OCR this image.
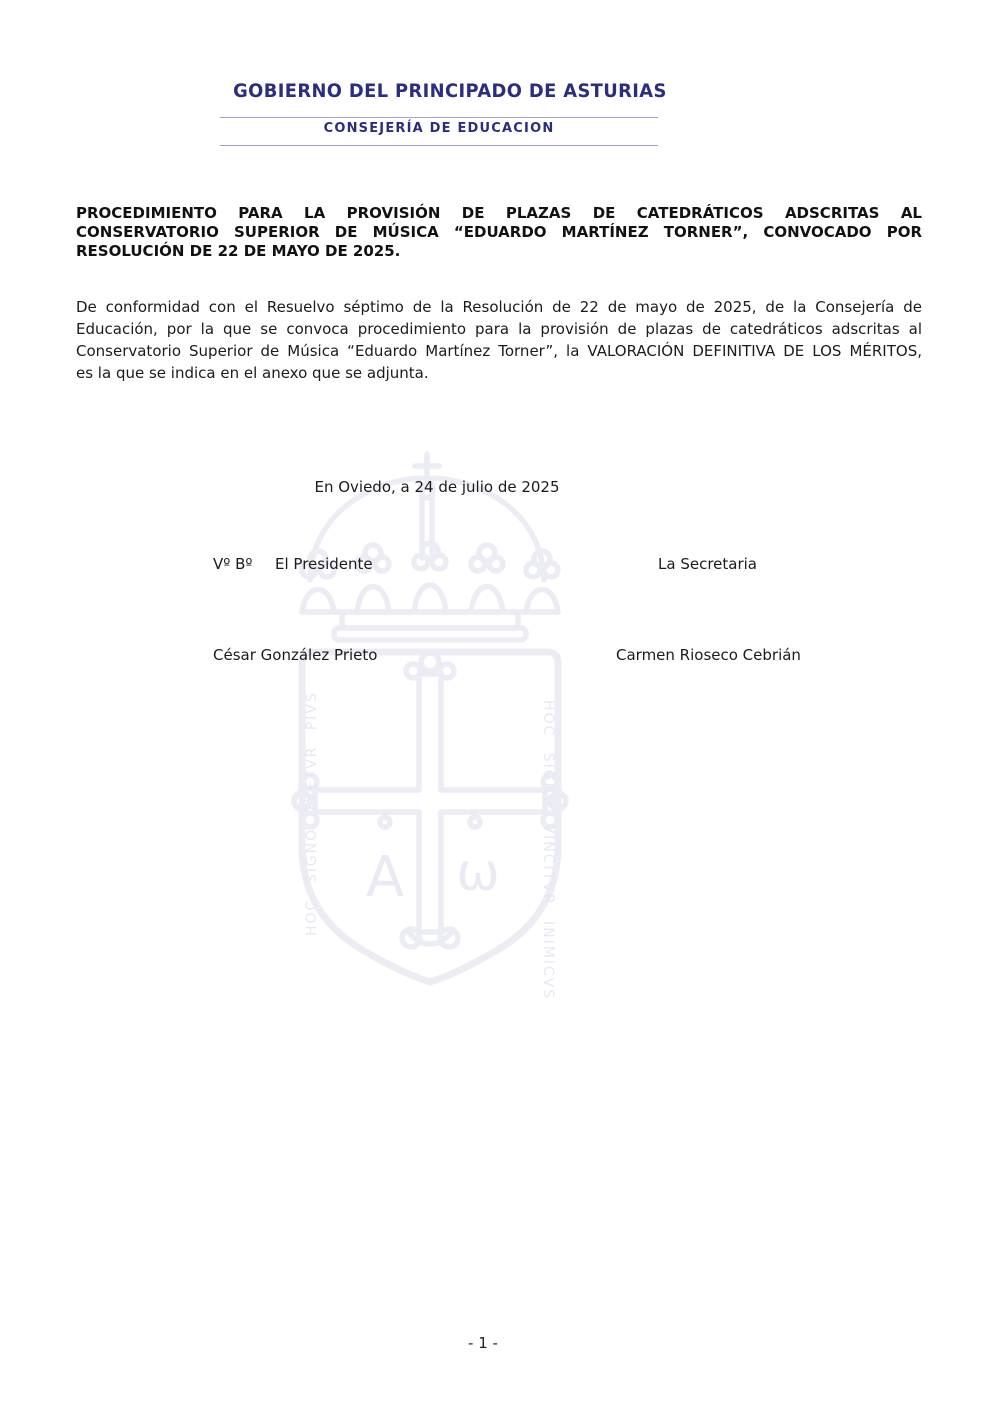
Α ω
HOC SIGNO TVETVR PIVS	HOC SIGNO VINCITVR INIMICVS
GOBIERNO DEL PRINCIPADO DE ASTURIAS
CONSEJERÍA DE EDUCACION
PROCEDIMIENTO PARA LA PROVISIÓN DE PLAZAS DE CATEDRÁTICOS ADSCRITAS AL
CONSERVATORIO SUPERIOR DE MÚSICA “EDUARDO MARTÍNEZ TORNER”, CONVOCADO POR
RESOLUCIÓN DE 22 DE MAYO DE 2025.
De conformidad con el Resuelvo séptimo de la Resolución de 22 de mayo de 2025, de la Consejería de
Educación, por la que se convoca procedimiento para la provisión de plazas de catedráticos adscritas al
Conservatorio Superior de Música “Eduardo Martínez Torner”, la VALORACIÓN DEFINITIVA DE LOS MÉRITOS,
es la que se indica en el anexo que se adjunta.
En Oviedo, a 24 de julio de 2025
Vº Bº El Presidente	La Secretaria
César González Prieto	Carmen Rioseco Cebrián
- 1 -
